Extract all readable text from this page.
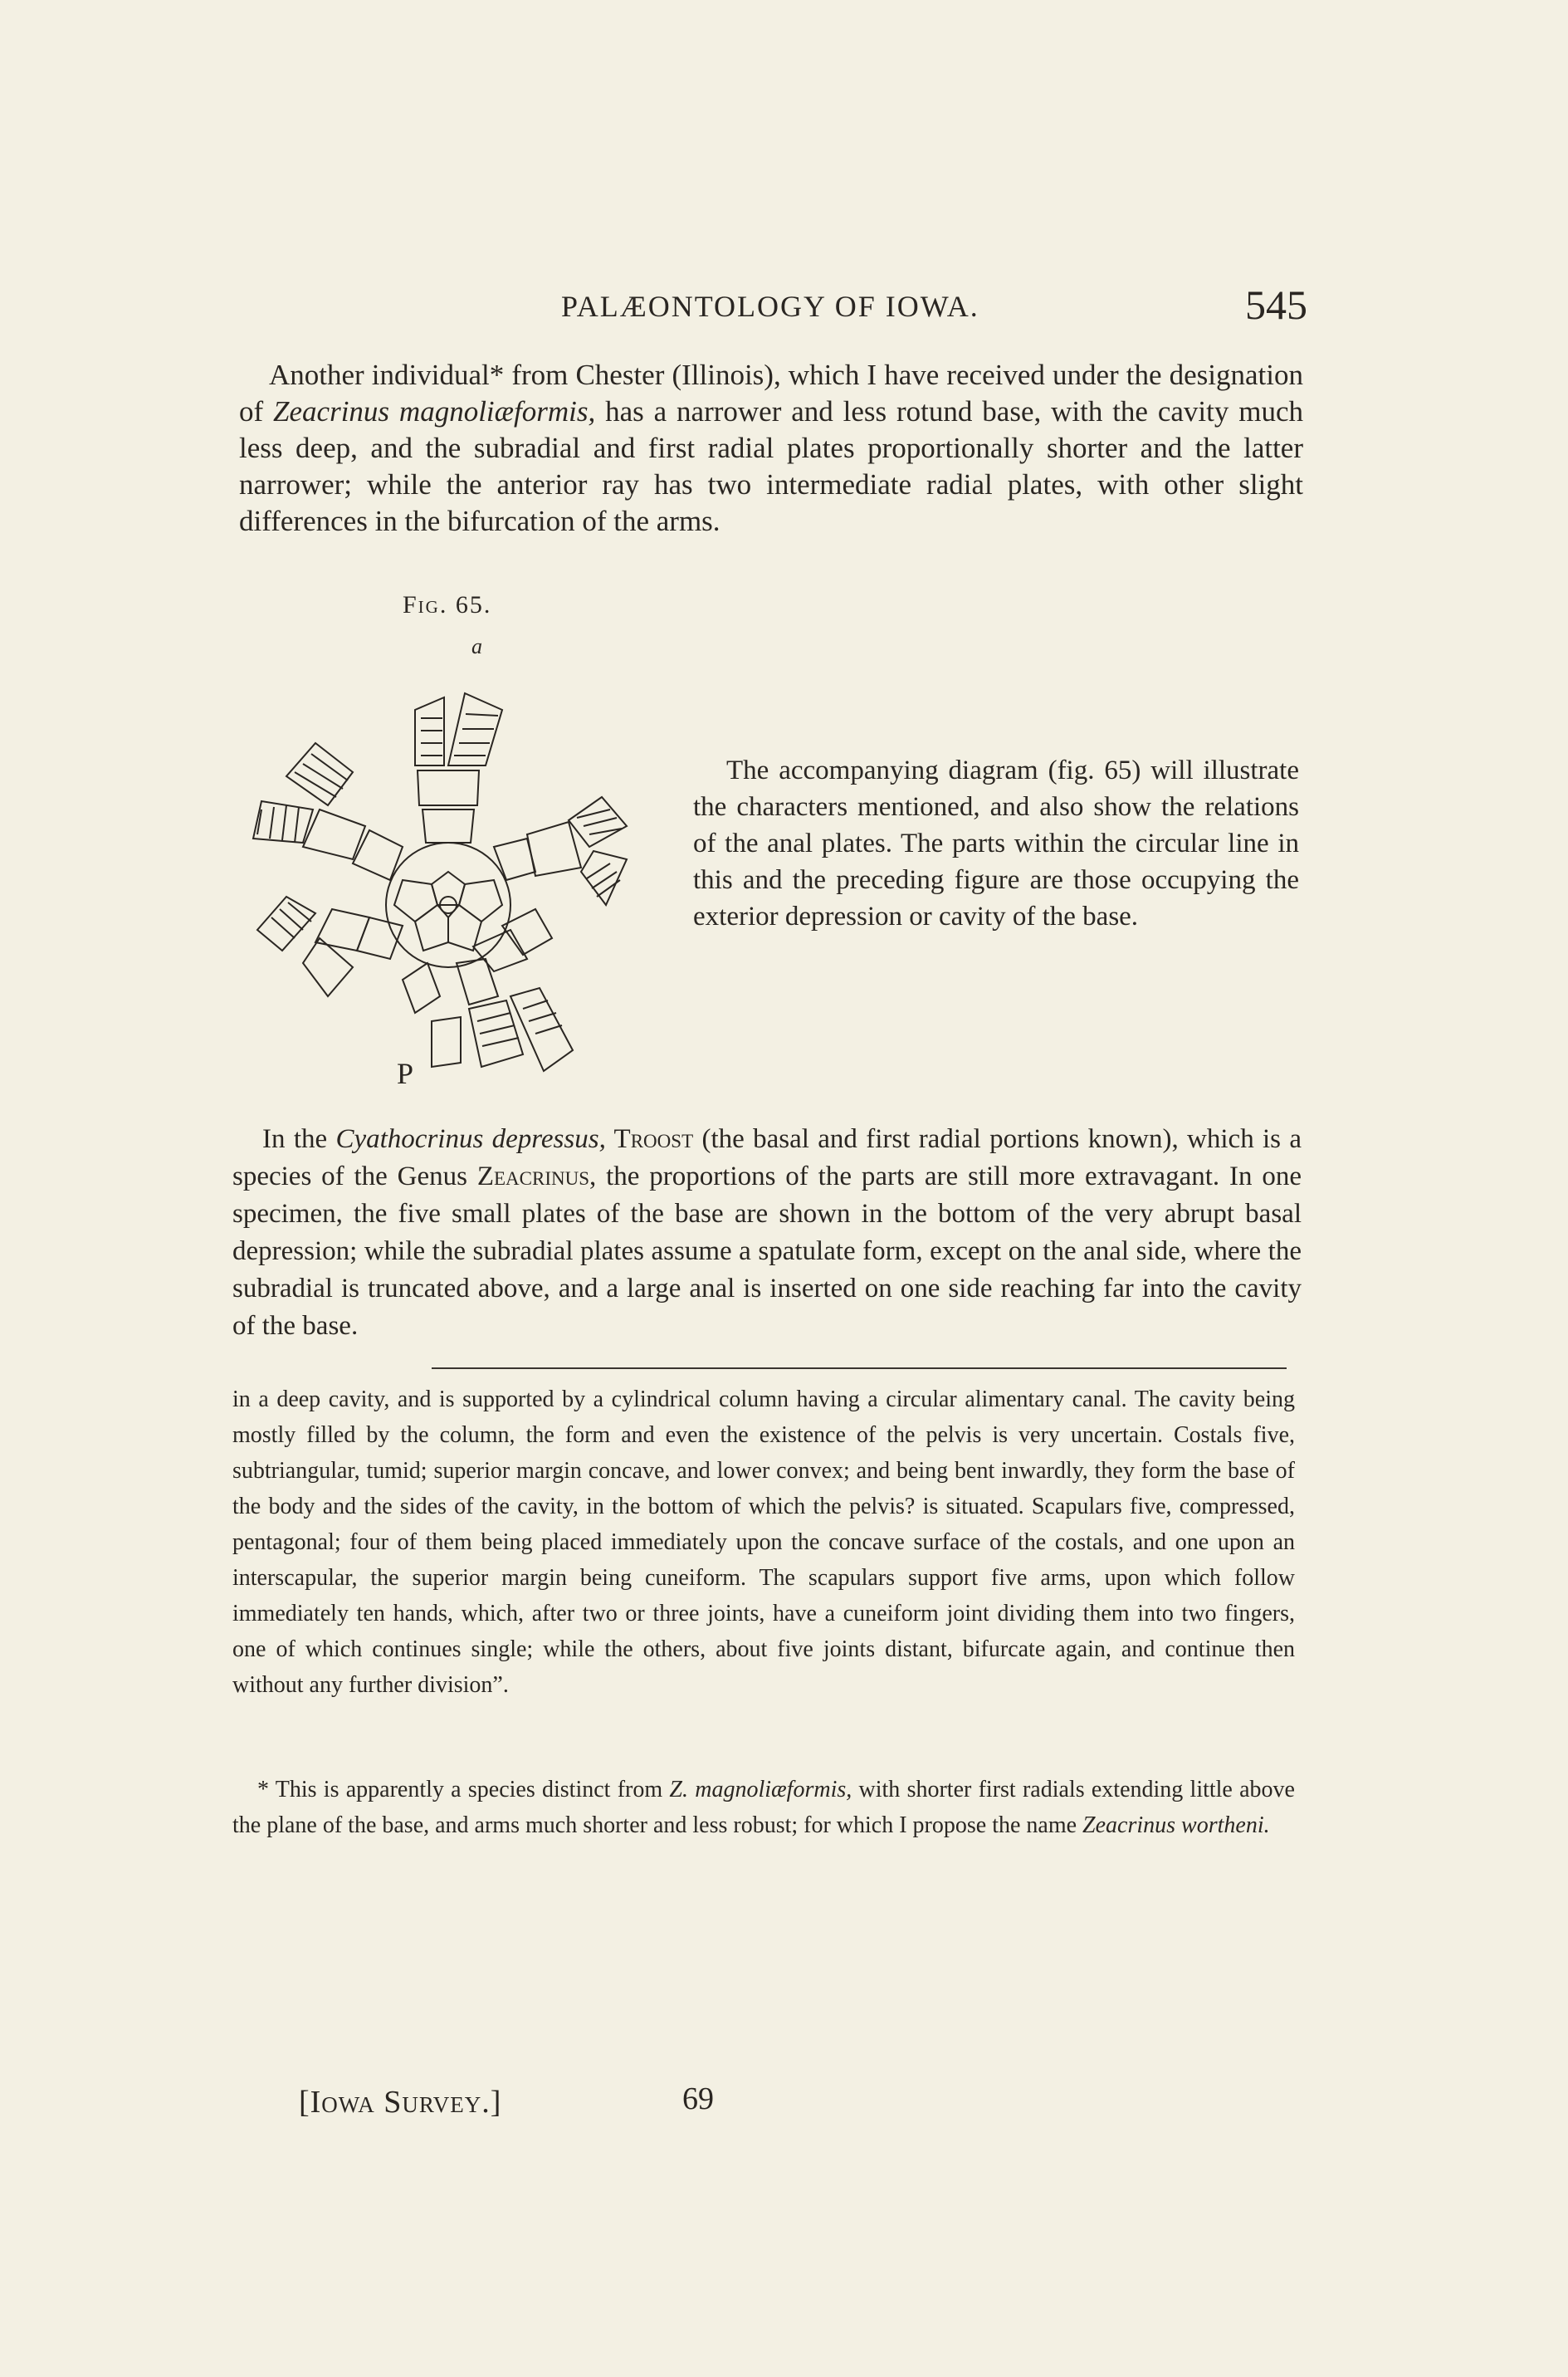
PALÆONTOLOGY OF IOWA.	545

Another individual* from Chester (Illinois), which I have received under the designation of Zeacrinus magnoliæformis, has a narrower and less rotund base, with the cavity much less deep, and the subradial and first radial plates proportionally shorter and the latter narrower; while the anterior ray has two intermediate radial plates, with other slight differences in the bifurcation of the arms.

Fig. 65.
a
P

The accompanying diagram (fig. 65) will illustrate the characters mentioned, and also show the relations of the anal plates. The parts within the circular line in this and the preceding figure are those occupying the exterior depression or cavity of the base.

In the Cyathocrinus depressus, Troost (the basal and first radial portions known), which is a species of the Genus Zeacrinus, the proportions of the parts are still more extravagant. In one specimen, the five small plates of the base are shown in the bottom of the very abrupt basal depression; while the subradial plates assume a spatulate form, except on the anal side, where the subradial is truncated above, and a large anal is inserted on one side reaching far into the cavity of the base.

in a deep cavity, and is supported by a cylindrical column having a circular alimentary canal. The cavity being mostly filled by the column, the form and even the existence of the pelvis is very uncertain. Costals five, subtriangular, tumid; superior margin concave, and lower convex; and being bent inwardly, they form the base of the body and the sides of the cavity, in the bottom of which the pelvis? is situated. Scapulars five, compressed, pentagonal; four of them being placed immediately upon the concave surface of the costals, and one upon an interscapular, the superior margin being cuneiform. The scapulars support five arms, upon which follow immediately ten hands, which, after two or three joints, have a cuneiform joint dividing them into two fingers, one of which continues single; while the others, about five joints distant, bifurcate again, and continue then without any further division”.

* This is apparently a species distinct from Z. magnoliæformis, with shorter first radials extending little above the plane of the base, and arms much shorter and less robust; for which I propose the name Zeacrinus wortheni.

[Iowa Survey.]	69
